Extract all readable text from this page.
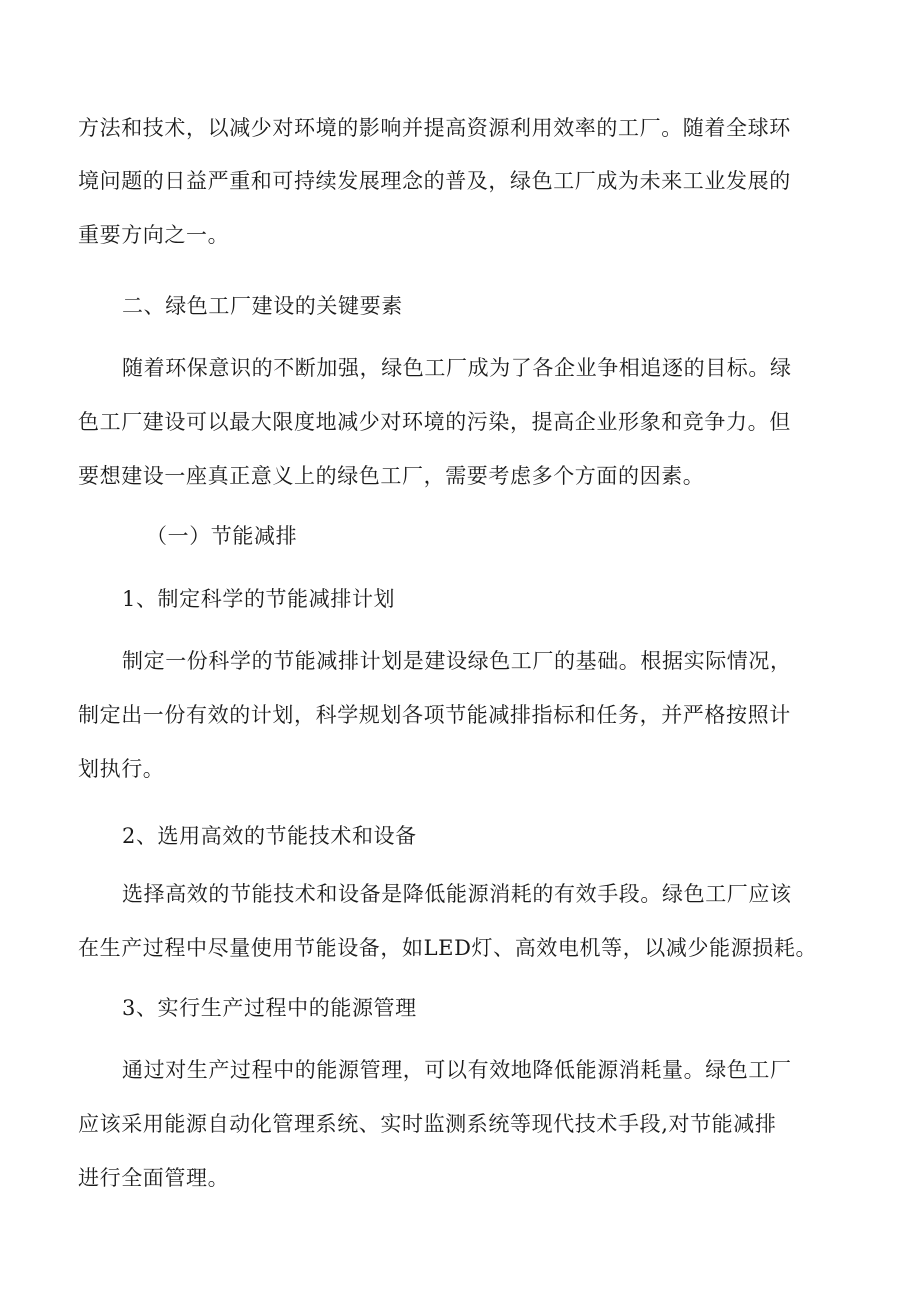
方法和技术，以减少对环境的影响并提高资源利用效率的工厂。随着全球环
境问题的日益严重和可持续发展理念的普及，绿色工厂成为未来工业发展的
重要方向之一。
二、绿色工厂建设的关键要素
随着环保意识的不断加强，绿色工厂成为了各企业争相追逐的目标。绿
色工厂建设可以最大限度地减少对环境的污染，提高企业形象和竞争力。但
要想建设一座真正意义上的绿色工厂，需要考虑多个方面的因素。
（一）节能减排
1、制定科学的节能减排计划
制定一份科学的节能减排计划是建设绿色工厂的基础。根据实际情况，
制定出一份有效的计划，科学规划各项节能减排指标和任务，并严格按照计
划执行。
2、选用高效的节能技术和设备
选择高效的节能技术和设备是降低能源消耗的有效手段。绿色工厂应该
在生产过程中尽量使用节能设备，如LED灯、高效电机等，以减少能源损耗。
3、实行生产过程中的能源管理
通过对生产过程中的能源管理，可以有效地降低能源消耗量。绿色工厂
应该采用能源自动化管理系统、实时监测系统等现代技术手段,对节能减排
进行全面管理。
